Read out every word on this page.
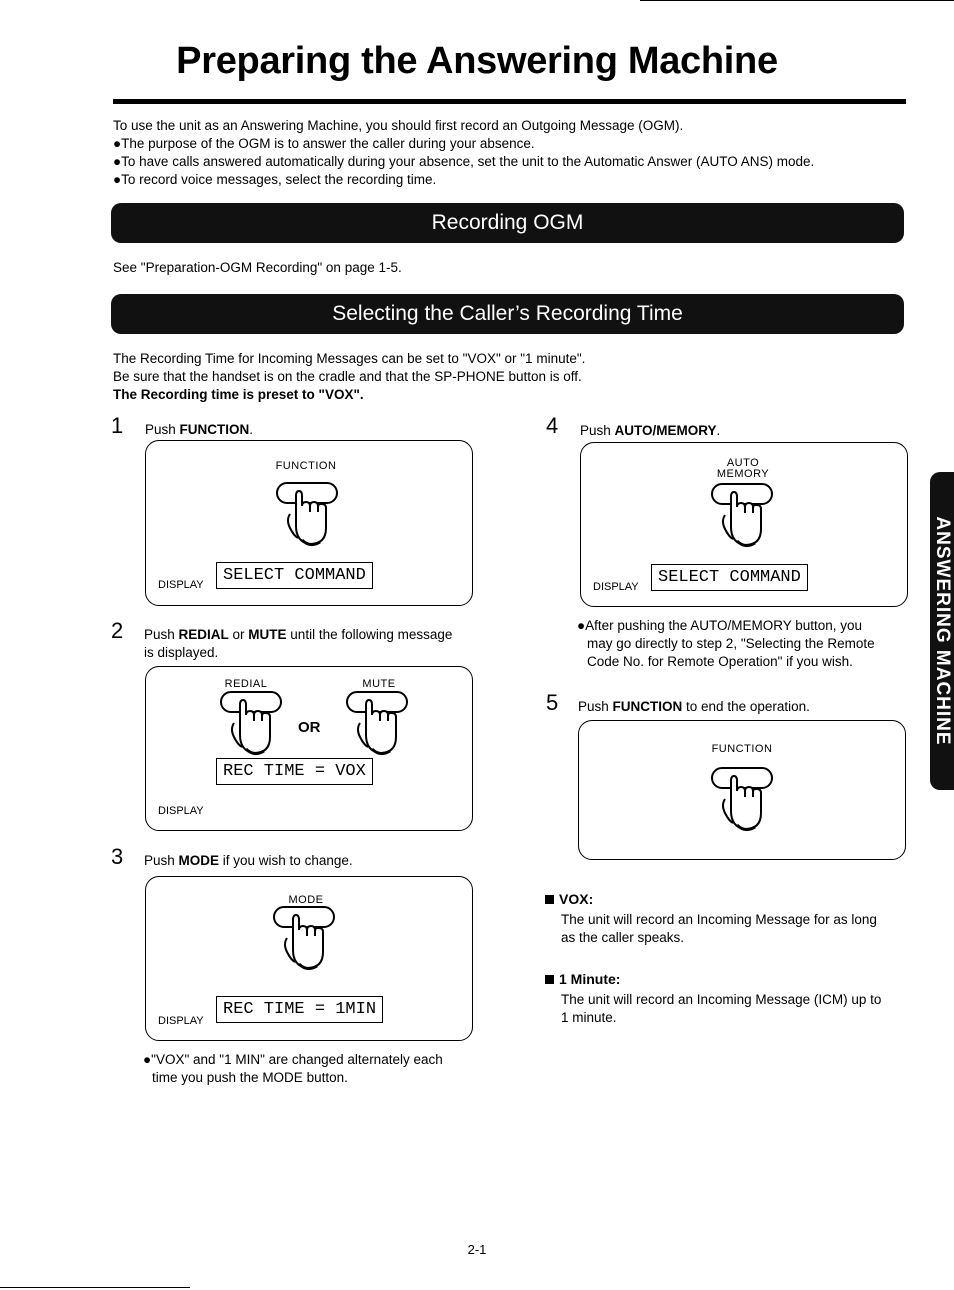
Preparing the Answering Machine
To use the unit as an Answering Machine, you should first record an Outgoing Message (OGM).
●The purpose of the OGM is to answer the caller during your absence.
●To have calls answered automatically during your absence, set the unit to the Automatic Answer (AUTO ANS) mode.
●To record voice messages, select the recording time.
Recording OGM
See "Preparation-OGM Recording" on page 1-5.
Selecting the Caller’s Recording Time
The Recording Time for Incoming Messages can be set to "VOX" or "1 minute".
Be sure that the handset is on the cradle and that the SP-PHONE button is off.
The Recording time is preset to "VOX".
1 Push FUNCTION.
FUNCTION
DISPLAY	SELECT COMMAND
2 Push REDIAL or MUTE until the following message
is displayed.
REDIAL
OR
MUTE
DISPLAY
REC TIME = VOX
3 Push MODE if you wish to change.
MODE
DISPLAY
REC TIME = 1MIN
●"VOX" and "1 MIN" are changed alternately each
time you push the MODE button.
4 Push AUTO/MEMORY.
AUTO
MEMORY
DISPLAY	SELECT COMMAND
●After pushing the AUTO/MEMORY button, you
may go directly to step 2, "Selecting the Remote
Code No. for Remote Operation" if you wish.
5 Push FUNCTION to end the operation.
FUNCTION
VOX:
The unit will record an Incoming Message for as long
as the caller speaks.
1 Minute:
The unit will record an Incoming Message (ICM) up to
1 minute.
ANSWERING MACHINE
2-1
